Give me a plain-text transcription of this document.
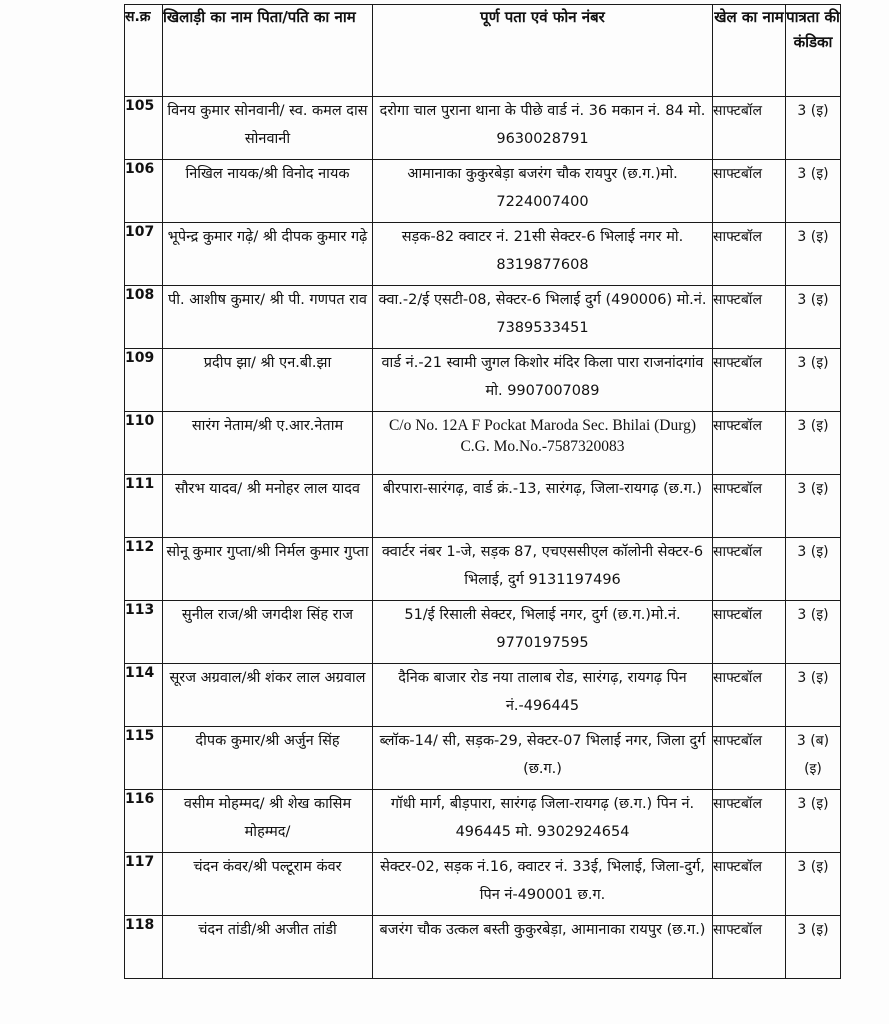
स.क्र	खिलाड़ी का नाम पिता/पति का नाम	पूर्ण पता एवं फोन नंबर	खेल का नाम	पात्रता की कंडिका
105	विनय कुमार सोनवानी/ स्व. कमल दास सोनवानी	दरोगा चाल पुराना थाना के पीछे वार्ड नं. 36 मकान नं. 84 मो. 9630028791	साफ्टबॉल	3 (इ)
106	निखिल नायक/श्री विनोद नायक	आमानाका कुकुरबेड़ा बजरंग चौक रायपुर (छ.ग.)मो. 7224007400	साफ्टबॉल	3 (इ)
107	भूपेन्द्र कुमार गढ़े/ श्री दीपक कुमार गढ़े	सड़क-82 क्वाटर नं. 21सी सेक्टर-6 भिलाई नगर मो. 8319877608	साफ्टबॉल	3 (इ)
108	पी. आशीष कुमार/ श्री पी. गणपत राव	क्वा.-2/ई एसटी-08, सेक्टर-6 भिलाई दुर्ग (490006) मो.नं. 7389533451	साफ्टबॉल	3 (इ)
109	प्रदीप झा/ श्री एन.बी.झा	वार्ड नं.-21 स्वामी जुगल किशोर मंदिर किला पारा राजनांदगांव मो. 9907007089	साफ्टबॉल	3 (इ)
110	सारंग नेताम/श्री ए.आर.नेताम	C/o No. 12A F Pockat Maroda Sec. Bhilai (Durg) C.G. Mo.No.-7587320083	साफ्टबॉल	3 (इ)
111	सौरभ यादव/ श्री मनोहर लाल यादव	बीरपारा-सारंगढ़, वार्ड क्रं.-13, सारंगढ़, जिला-रायगढ़ (छ.ग.)	साफ्टबॉल	3 (इ)
112	सोनू कुमार गुप्ता/श्री निर्मल कुमार गुप्ता	क्वार्टर नंबर 1-जे, सड़क 87, एचएससीएल कॉलोनी सेक्टर-6 भिलाई, दुर्ग 9131197496	साफ्टबॉल	3 (इ)
113	सुनील राज/श्री जगदीश सिंह राज	51/ई रिसाली सेक्टर, भिलाई नगर, दुर्ग (छ.ग.)मो.नं. 9770197595	साफ्टबॉल	3 (इ)
114	सूरज अग्रवाल/श्री शंकर लाल अग्रवाल	दैनिक बाजार रोड नया तालाब रोड, सारंगढ़, रायगढ़ पिन नं.-496445	साफ्टबॉल	3 (इ)
115	दीपक कुमार/श्री अर्जुन सिंह	ब्लॉक-14/ सी, सड़क-29, सेक्टर-07 भिलाई नगर, जिला दुर्ग (छ.ग.)	साफ्टबॉल	3 (ब) (इ)
116	वसीम मोहम्मद/ श्री शेख कासिम मोहम्मद/	गॉधी मार्ग, बीड़पारा, सारंगढ़ जिला-रायगढ़ (छ.ग.) पिन नं. 496445 मो. 9302924654	साफ्टबॉल	3 (इ)
117	चंदन कंवर/श्री पल्टूराम कंवर	सेक्टर-02, सड़क नं.16, क्वाटर नं. 33ई, भिलाई, जिला-दुर्ग, पिन नं-490001 छ.ग.	साफ्टबॉल	3 (इ)
118	चंदन तांडी/श्री अजीत तांडी	बजरंग चौक उत्कल बस्ती कुकुरबेड़ा, आमानाका रायपुर (छ.ग.)	साफ्टबॉल	3 (इ)
